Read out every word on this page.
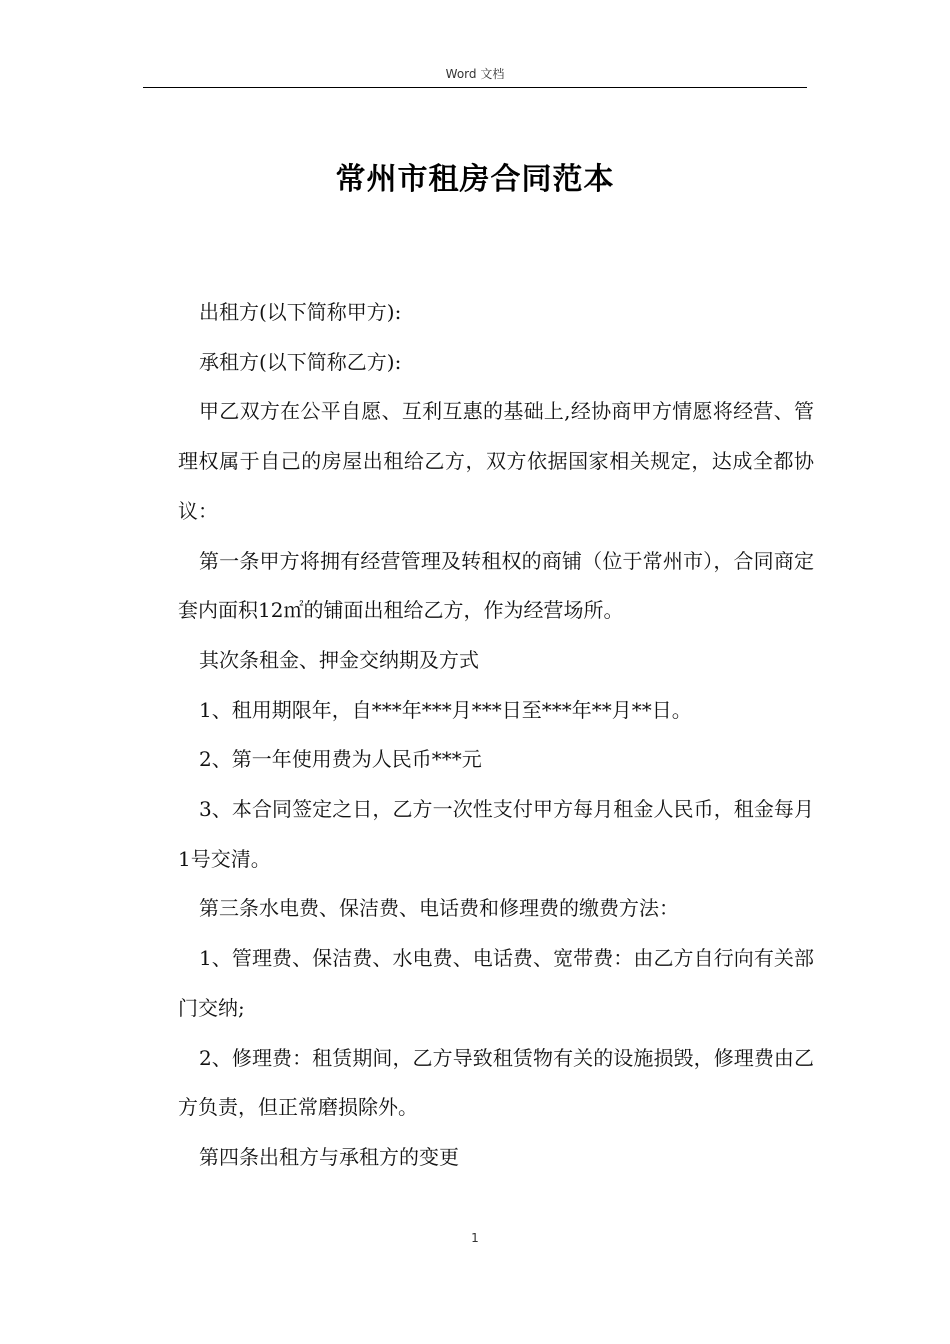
Word 文档
常州市租房合同范本

出租方(以下简称甲方):

承租方(以下简称乙方):

甲乙双方在公平自愿、互利互惠的基础上,经协商甲方情愿将经营、管理权属于自己的房屋出租给乙方，双方依据国家相关规定，达成全都协议：

第一条甲方将拥有经营管理及转租权的商铺（位于常州市），合同商定套内面积12㎡的铺面出租给乙方，作为经营场所。

其次条租金、押金交纳期及方式

1、租用期限年，自***年***月***日至***年**月**日。

2、第一年使用费为人民币***元

3、本合同签定之日，乙方一次性支付甲方每月租金人民币，租金每月1号交清。

第三条水电费、保洁费、电话费和修理费的缴费方法：

1、管理费、保洁费、水电费、电话费、宽带费：由乙方自行向有关部门交纳;

2、修理费：租赁期间，乙方导致租赁物有关的设施损毁，修理费由乙方负责，但正常磨损除外。

第四条出租方与承租方的变更

1
